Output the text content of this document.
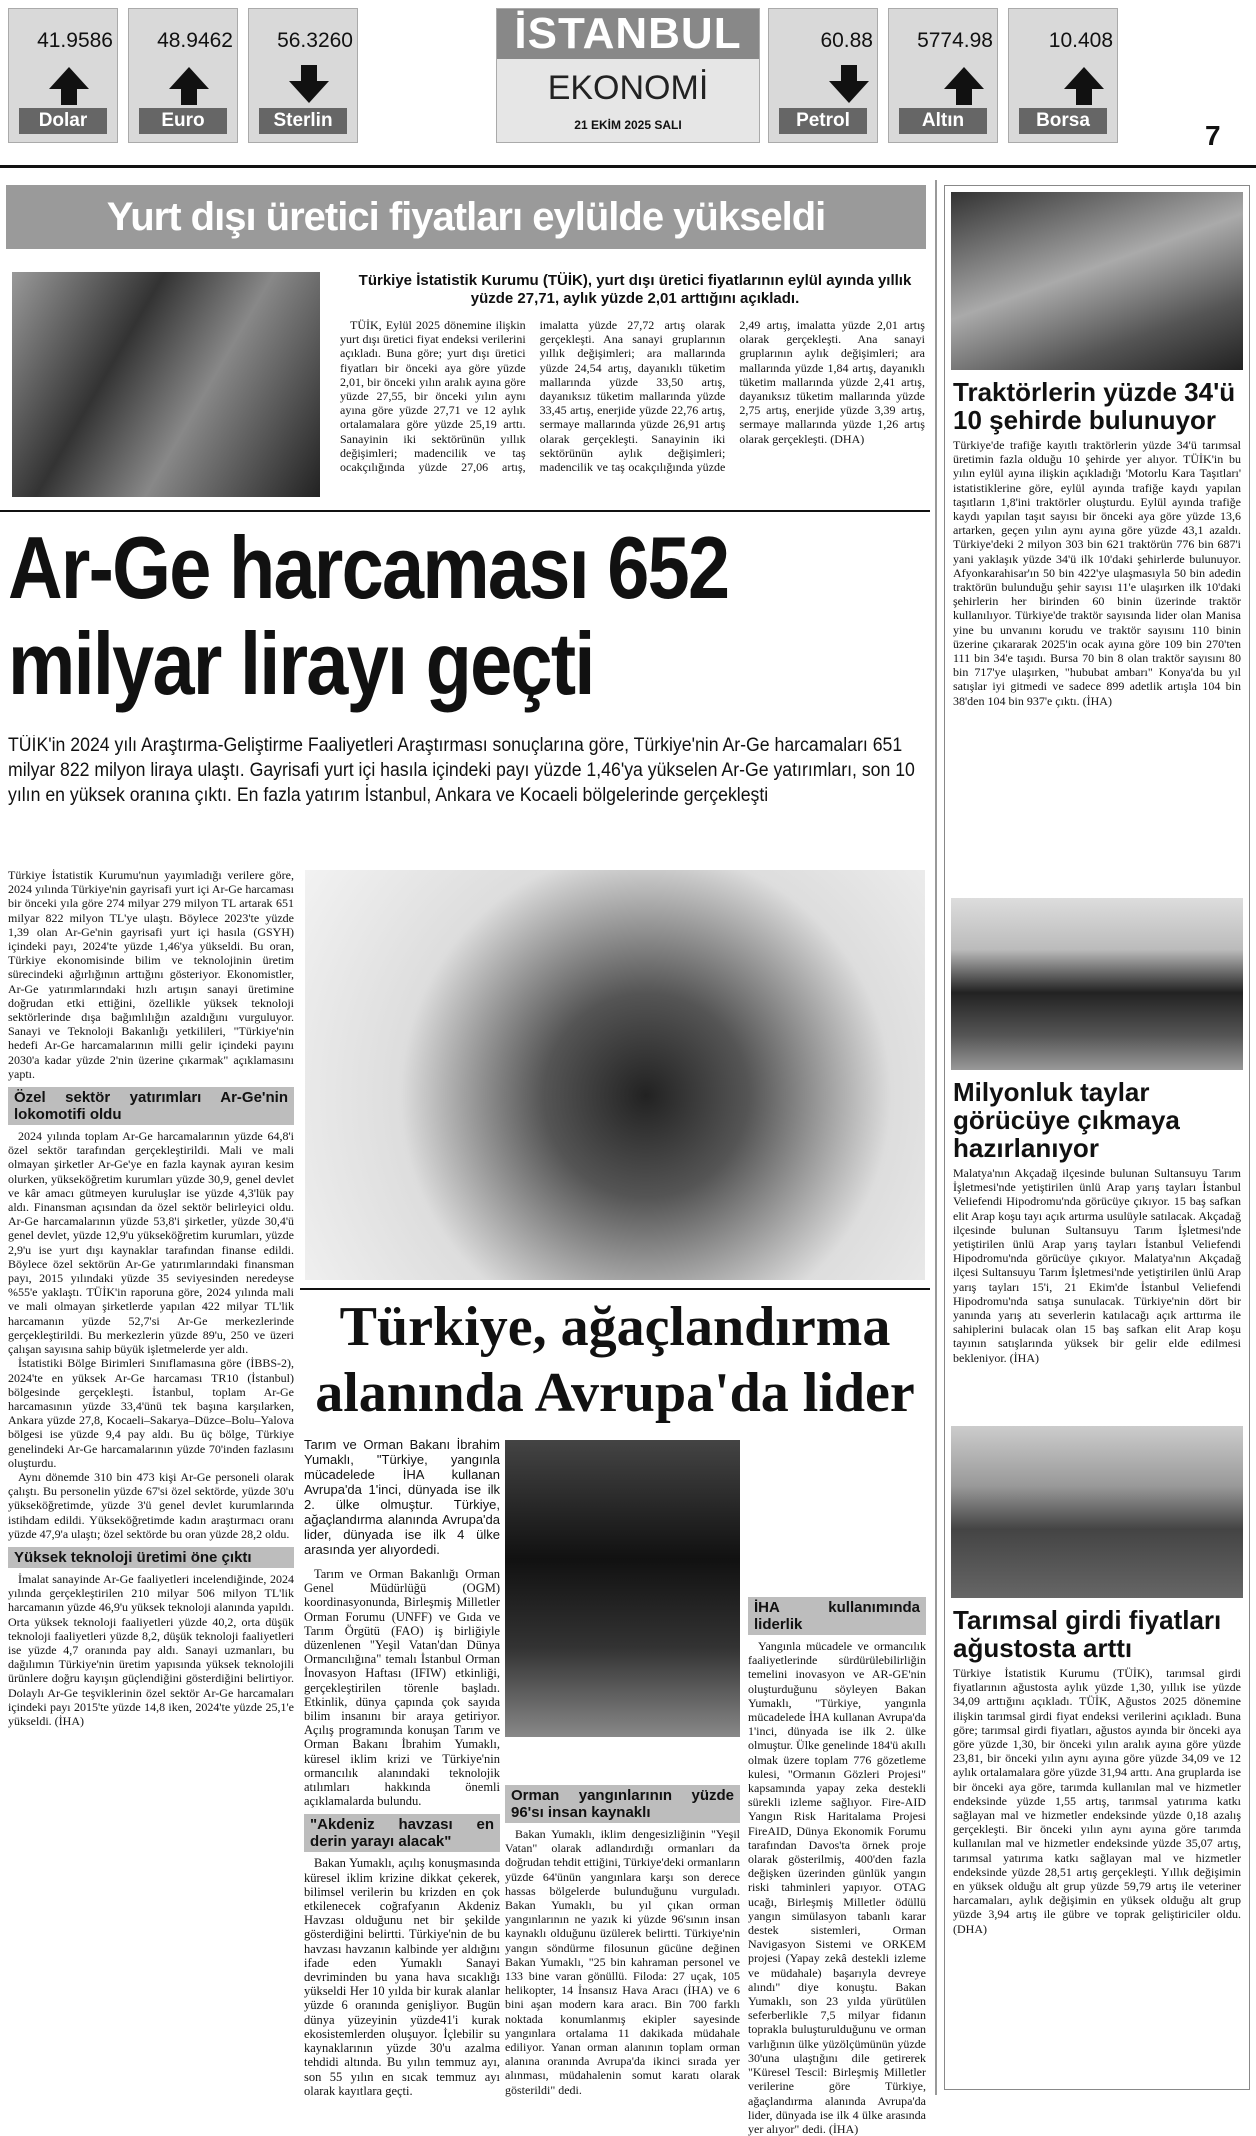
41.9586
Dolar
48.9462
Euro
56.3260
Sterlin
İSTANBUL
EKONOMİ
21 EKİM 2025 SALI
60.88
Petrol
5774.98
Altın
10.408
Borsa	7
Yurt dışı üretici fiyatları eylülde yükseldi
Türkiye İstatistik Kurumu (TÜİK), yurt dışı üretici fiyatlarının eylül ayında yıllık yüzde 27,71, aylık yüzde 2,01 arttığını açıkladı.

TÜİK, Eylül 2025 dönemine ilişkin yurt dışı üretici fiyat endeksi verilerini açıkladı. Buna göre; yurt dışı üretici fiyatları bir önceki aya göre yüzde 2,01, bir önceki yılın aralık ayına göre yüzde 27,55, bir önceki yılın aynı ayına göre yüzde 27,71 ve 12 aylık ortalamalara göre yüzde 25,19 arttı. Sanayinin iki sektörünün yıllık değişimleri; madencilik ve taş ocakçılığında yüzde 27,06 artış, imalatta yüzde 27,72 artış olarak gerçekleşti. Ana sanayi gruplarının yıllık değişimleri; ara mallarında yüzde 24,54 artış, dayanıklı tüketim mallarında yüzde 33,50 artış, dayanıksız tüketim mallarında yüzde 33,45 artış, enerjide yüzde 22,76 artış, sermaye mallarında yüzde 26,91 artış olarak gerçekleşti. Sanayinin iki sektörünün aylık değişimleri; madencilik ve taş ocakçılığında yüzde 2,49 artış, imalatta yüzde 2,01 artış olarak gerçekleşti. Ana sanayi gruplarının aylık değişimleri; ara mallarında yüzde 1,84 artış, dayanıklı tüketim mallarında yüzde 2,41 artış, dayanıksız tüketim mallarında yüzde 2,75 artış, enerjide yüzde 3,39 artış, sermaye mallarında yüzde 1,26 artış olarak gerçekleşti. (DHA)

Ar-Ge harcaması 652
milyar lirayı geçti
TÜİK'in 2024 yılı Araştırma-Geliştirme Faaliyetleri Araştırması sonuçlarına göre, Türkiye'nin Ar-Ge harcamaları 651 milyar 822 milyon liraya ulaştı. Gayrisafi yurt içi hasıla içindeki payı yüzde 1,46'ya yükselen Ar-Ge yatırımları, son 10 yılın en yüksek oranına çıktı. En fazla yatırım İstanbul, Ankara ve Kocaeli bölgelerinde gerçekleşti

Türkiye İstatistik Kurumu'nun yayımladığı verilere göre, 2024 yılında Türkiye'nin gayrisafi yurt içi Ar-Ge harcaması bir önceki yıla göre 274 milyar 279 milyon TL artarak 651 milyar 822 milyon TL'ye ulaştı. Böylece 2023'te yüzde 1,39 olan Ar-Ge'nin gayrisafi yurt içi hasıla (GSYH) içindeki payı, 2024'te yüzde 1,46'ya yükseldi. Bu oran, Türkiye ekonomisinde bilim ve teknolojinin üretim sürecindeki ağırlığının arttığını gösteriyor. Ekonomistler, Ar-Ge yatırımlarındaki hızlı artışın sanayi üretimine doğrudan etki ettiğini, özellikle yüksek teknoloji sektörlerinde dışa bağımlılığın azaldığını vurguluyor. Sanayi ve Teknoloji Bakanlığı yetkilileri, "Türkiye'nin hedefi Ar-Ge harcamalarının milli gelir içindeki payını 2030'a kadar yüzde 2'nin üzerine çıkarmak" açıklamasını yaptı.

Özel sektör yatırımları Ar-Ge'nin lokomotifi oldu

2024 yılında toplam Ar-Ge harcamalarının yüzde 64,8'i özel sektör tarafından gerçekleştirildi. Mali ve mali olmayan şirketler Ar-Ge'ye en fazla kaynak ayıran kesim olurken, yükseköğretim kurumları yüzde 30,9, genel devlet ve kâr amacı gütmeyen kuruluşlar ise yüzde 4,3'lük pay aldı. Finansman açısından da özel sektör belirleyici oldu. Ar-Ge harcamalarının yüzde 53,8'i şirketler, yüzde 30,4'ü genel devlet, yüzde 12,9'u yükseköğretim kurumları, yüzde 2,9'u ise yurt dışı kaynaklar tarafından finanse edildi. Böylece özel sektörün Ar-Ge yatırımlarındaki finansman payı, 2015 yılındaki yüzde 35 seviyesinden neredeyse %55'e yaklaştı. TÜİK'in raporuna göre, 2024 yılında mali ve mali olmayan şirketlerde yapılan 422 milyar TL'lik harcamanın yüzde 52,7'si Ar-Ge merkezlerinde gerçekleştirildi. Bu merkezlerin yüzde 89'u, 250 ve üzeri çalışan sayısına sahip büyük işletmelerde yer aldı.

İstatistiki Bölge Birimleri Sınıflamasına göre (İBBS-2), 2024'te en yüksek Ar-Ge harcaması TR10 (İstanbul) bölgesinde gerçekleşti. İstanbul, toplam Ar-Ge harcamasının yüzde 33,4'ünü tek başına karşılarken, Ankara yüzde 27,8, Kocaeli–Sakarya–Düzce–Bolu–Yalova bölgesi ise yüzde 9,4 pay aldı. Bu üç bölge, Türkiye genelindeki Ar-Ge harcamalarının yüzde 70'inden fazlasını oluşturdu.

Aynı dönemde 310 bin 473 kişi Ar-Ge personeli olarak çalıştı. Bu personelin yüzde 67'si özel sektörde, yüzde 30'u yükseköğretimde, yüzde 3'ü genel devlet kurumlarında istihdam edildi. Yükseköğretimde kadın araştırmacı oranı yüzde 47,9'a ulaştı; özel sektörde bu oran yüzde 28,2 oldu.

Yüksek teknoloji üretimi öne çıktı

İmalat sanayinde Ar-Ge faaliyetleri incelendiğinde, 2024 yılında gerçekleştirilen 210 milyar 506 milyon TL'lik harcamanın yüzde 46,9'u yüksek teknoloji alanında yapıldı. Orta yüksek teknoloji faaliyetleri yüzde 40,2, orta düşük teknoloji faaliyetleri yüzde 8,2, düşük teknoloji faaliyetleri ise yüzde 4,7 oranında pay aldı. Sanayi uzmanları, bu dağılımın Türkiye'nin üretim yapısında yüksek teknolojili ürünlere doğru kayışın güçlendiğini gösterdiğini belirtiyor. Dolaylı Ar-Ge teşviklerinin özel sektör Ar-Ge harcamaları içindeki payı 2015'te yüzde 14,8 iken, 2024'te yüzde 25,1'e yükseldi. (İHA)

Türkiye, ağaçlandırma
alanında Avrupa'da lider

Tarım ve Orman Bakanı İbrahim Yumaklı, "Türkiye, yangınla mücadelede İHA kullanan Avrupa'da 1'inci, dünyada ise ilk 2. ülke olmuştur. Türkiye, ağaçlandırma alanında Avrupa'da lider, dünyada ise ilk 4 ülke arasında yer alıyordedi.

Tarım ve Orman Bakanlığı Orman Genel Müdürlüğü (OGM) koordinasyonunda, Birleşmiş Milletler Orman Forumu (UNFF) ve Gıda ve Tarım Örgütü (FAO) iş birliğiyle düzenlenen "Yeşil Vatan'dan Dünya Ormancılığına" temalı İstanbul Orman İnovasyon Haftası (IFIW) etkinliği, gerçekleştirilen törenle başladı. Etkinlik, dünya çapında çok sayıda bilim insanını bir araya getiriyor. Açılış programında konuşan Tarım ve Orman Bakanı İbrahim Yumaklı, küresel iklim krizi ve Türkiye'nin ormancılık alanındaki teknolojik atılımları hakkında önemli açıklamalarda bulundu.

"Akdeniz havzası en derin yarayı alacak"

Bakan Yumaklı, açılış konuşmasında küresel iklim krizine dikkat çekerek, bilimsel verilerin bu krizden en çok etkilenecek coğrafyanın Akdeniz Havzası olduğunu net bir şekilde gösterdiğini belirtti. Türkiye'nin de bu havzası havzanın kalbinde yer aldığını ifade eden Yumaklı Sanayi devriminden bu yana hava sıcaklığı yükseldi Her 10 yılda bir kurak alanlar yüzde 6 oranında genişliyor. Bugün dünya yüzeyinin yüzde41'i kurak ekosistemlerden oluşuyor. İçlebilir su kaynaklarının yüzde 30'u azalma tehdidi altında. Bu yılın temmuz ayı, son 55 yılın en sıcak temmuz ayı olarak kayıtlara geçti.

Orman yangınlarının yüzde 96'sı insan kaynaklı

Bakan Yumaklı, iklim dengesizliğinin "Yeşil Vatan" olarak adlandırdığı ormanları da doğrudan tehdit ettiğini, Türkiye'deki ormanların yüzde 64'ünün yangınlara karşı son derece hassas bölgelerde bulunduğunu vurguladı. Bakan Yumaklı, bu yıl çıkan orman yangınlarının ne yazık ki yüzde 96'sının insan kaynaklı olduğunu üzülerek belirtti. Türkiye'nin yangın söndürme filosunun gücüne değinen Bakan Yumaklı, "25 bin kahraman personel ve 133 bine varan gönüllü. Filoda: 27 uçak, 105 helikopter, 14 İnsansız Hava Aracı (İHA) ve 6 bini aşan modern kara aracı. Bin 700 farklı noktada konumlanmış ekipler sayesinde yangınlara ortalama 11 dakikada müdahale ediliyor. Yanan orman alanının toplam orman alanına oranında Avrupa'da ikinci sırada yer alınması, müdahalenin somut karatı olarak gösterildi" dedi.

İHA kullanımında liderlik

Yangınla mücadele ve ormancılık faaliyetlerinde sürdürülebilirliğin temelini inovasyon ve AR-GE'nin oluşturduğunu söyleyen Bakan Yumaklı, "Türkiye, yangınla mücadelede İHA kullanan Avrupa'da 1'inci, dünyada ise ilk 2. ülke olmuştur. Ülke genelinde 184'ü akıllı olmak üzere toplam 776 gözetleme kulesi, "Ormanın Gözleri Projesi" kapsamında yapay zeka destekli sürekli izleme sağlıyor. Fire-AID Yangın Risk Haritalama Projesi FireAID, Dünya Ekonomik Forumu tarafından Davos'ta örnek proje olarak gösterilmiş, 400'den fazla değişken üzerinden günlük yangın riski tahminleri yapıyor. OTAG ucağı, Birleşmiş Milletler ödüllü yangın simülasyon tabanlı karar destek sistemleri, Orman Navigasyon Sistemi ve ORKEM projesi (Yapay zekâ destekli izleme ve müdahale) başarıyla devreye alındı" diye konuştu. Bakan Yumaklı, son 23 yılda yürütülen seferberlikle 7,5 milyar fidanın toprakla buluşturulduğunu ve orman varlığının ülke yüzölçümünün yüzde 30'una ulaştığını dile getirerek "Küresel Tescil: Birleşmiş Milletler verilerine göre Türkiye, ağaçlandırma alanında Avrupa'da lider, dünyada ise ilk 4 ülke arasında yer alıyor" dedi. (İHA)

Traktörlerin yüzde 34'ü 10 şehirde bulunuyor
Türkiye'de trafiğe kayıtlı traktörlerin yüzde 34'ü tarımsal üretimin fazla olduğu 10 şehirde yer alıyor. TÜİK'in bu yılın eylül ayına ilişkin açıkladığı 'Motorlu Kara Taşıtları' istatistiklerine göre, eylül ayında trafiğe kaydı yapılan taşıtların 1,8'ini traktörler oluşturdu. Eylül ayında trafiğe kaydı yapılan taşıt sayısı bir önceki aya göre yüzde 13,6 artarken, geçen yılın aynı ayına göre yüzde 43,1 azaldı. Türkiye'deki 2 milyon 303 bin 621 traktörün 776 bin 687'i yani yaklaşık yüzde 34'ü ilk 10'daki şehirlerde bulunuyor. Afyonkarahisar'ın 50 bin 422'ye ulaşmasıyla 50 bin adedin traktörün bulunduğu şehir sayısı 11'e ulaşırken ilk 10'daki şehirlerin her birinden 60 binin üzerinde traktör kullanılıyor. Türkiye'de traktör sayısında lider olan Manisa yine bu unvanını korudu ve traktör sayısını 110 binin üzerine çıkararak 2025'in ocak ayına göre 109 bin 270'ten 111 bin 34'e taşıdı. Bursa 70 bin 8 olan traktör sayısını 80 bin 717'ye ulaşırken, "hububat ambarı" Konya'da bu yıl satışlar iyi gitmedi ve sadece 899 adetlik artışla 104 bin 38'den 104 bin 937'e çıktı. (İHA)
Milyonluk taylar görücüye çıkmaya hazırlanıyor
Malatya'nın Akçadağ ilçesinde bulunan Sultansuyu Tarım İşletmesi'nde yetiştirilen ünlü Arap yarış tayları İstanbul Veliefendi Hipodromu'nda görücüye çıkıyor. 15 baş safkan elit Arap koşu tayı açık artırma usulüyle satılacak. Akçadağ ilçesinde bulunan Sultansuyu Tarım İşletmesi'nde yetiştirilen ünlü Arap yarış tayları İstanbul Veliefendi Hipodromu'nda görücüye çıkıyor. Malatya'nın Akçadağ ilçesi Sultansuyu Tarım İşletmesi'nde yetiştirilen ünlü Arap yarış tayları 15'i, 21 Ekim'de İstanbul Veliefendi Hipodromu'nda satışa sunulacak. Türkiye'nin dört bir yanında yarış atı severlerin katılacağı açık arttırma ile sahiplerini bulacak olan 15 baş safkan elit Arap koşu tayının satışlarında yüksek bir gelir elde edilmesi bekleniyor. (İHA)
Tarımsal girdi fiyatları ağustosta arttı
Türkiye İstatistik Kurumu (TÜİK), tarımsal girdi fiyatlarının ağustosta aylık yüzde 1,30, yıllık ise yüzde 34,09 arttığını açıkladı. TÜİK, Ağustos 2025 dönemine ilişkin tarımsal girdi fiyat endeksi verilerini açıkladı. Buna göre; tarımsal girdi fiyatları, ağustos ayında bir önceki aya göre yüzde 1,30, bir önceki yılın aralık ayına göre yüzde 23,81, bir önceki yılın aynı ayına göre yüzde 34,09 ve 12 aylık ortalamalara göre yüzde 31,94 arttı. Ana gruplarda ise bir önceki aya göre, tarımda kullanılan mal ve hizmetler endeksinde yüzde 1,55 artış, tarımsal yatırıma katkı sağlayan mal ve hizmetler endeksinde yüzde 0,18 azalış gerçekleşti. Bir önceki yılın aynı ayına göre tarımda kullanılan mal ve hizmetler endeksinde yüzde 35,07 artış, tarımsal yatırıma katkı sağlayan mal ve hizmetler endeksinde yüzde 28,51 artış gerçekleşti. Yıllık değişimin en yüksek olduğu alt grup yüzde 59,79 artış ile veteriner harcamaları, aylık değişimin en yüksek olduğu alt grup yüzde 3,94 artış ile gübre ve toprak geliştiriciler oldu. (DHA)
